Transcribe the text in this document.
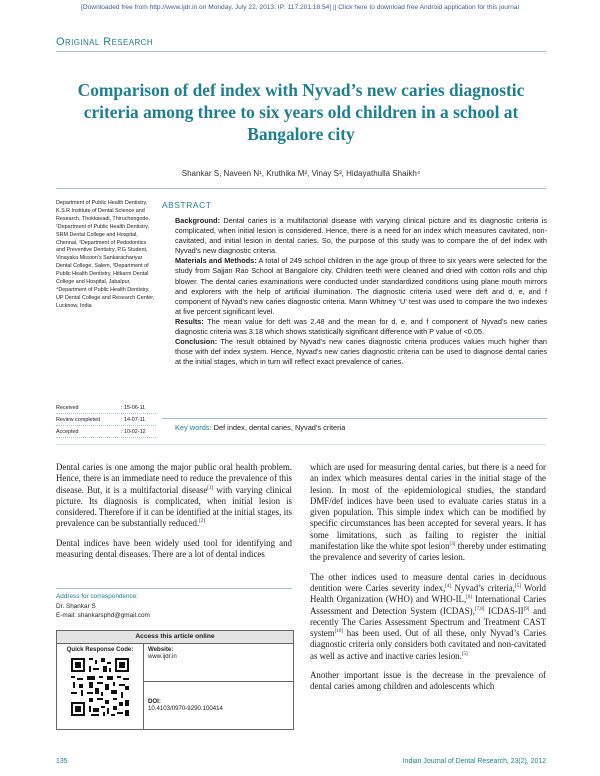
[Downloaded free from http://www.ijdr.in on Monday, July 22, 2013, IP: 117.201.18.54] || Click here to download free Android application for this journal
Original Research
Comparison of def index with Nyvad’s new caries diagnostic criteria among three to six years old children in a school at Bangalore city
Shankar S, Naveen N¹, Kruthika M², Vinay S³, Hidayathulla Shaikh⁴
Department of Public Health Dentistry, K.S.R Institute of Dental Science and Research, Thokkavadi, Thiruchengode, ¹Department of Public Health Dentistry, SRM Dental College and Hospital, Chennai, ²Department of Pedodontics and Preventive Dentistry, P.G Student, Vinayaka Mission’s Sankarachariyar Dental College, Salem, ³Department of Public Health Dentistry, Hitkarni Dental College and Hospital, Jabalpur, ⁴Department of Public Health Dentistry, UP Dental College and Research Center, Lucknow, India
Received	: 15-06-11
Review completed	: 14-07-11
Accepted	: 10-02-12
ABSTRACT

Background: Dental caries is a multifactorial disease with varying clinical picture and its diagnostic criteria is complicated, when initial lesion is considered. Hence, there is a need for an index which measures cavitated, non-cavitated, and initial lesion in dental caries. So, the purpose of this study was to compare the of def index with Nyvad’s new diagnostic criteria.

Materials and Methods: A total of 249 school children in the age group of three to six years were selected for the study from Sajjan Rao School at Bangalore city. Children teeth were cleaned and dried with cotton rolls and chip blower. The dental caries examinations were conducted under standardized conditions using plane mouth mirrors and explorers with the help of artificial illumination. The diagnostic criteria used were deft and d, e, and f component of Nyvad’s new caries diagnostic criteria. Mann Whitney ‘U’ test was used to compare the two indexes at five percent significant level.

Results: The mean value for deft was 2.48 and the mean for d, e, and f component of Nyvad’s new caries diagnostic criteria was 3.18 which shows statistically significant difference with P value of <0.05.

Conclusion: The result obtained by Nyvad’s new caries diagnostic criteria produces values much higher than those with def index system. Hence, Nyvad’s new caries diagnostic criteria can be used to diagnose dental caries at the initial stages, which in turn will reflect exact prevalence of caries.

Key words: Def index, dental caries, Nyvad’s criteria

Dental caries is one among the major public oral health problem. Hence, there is an immediate need to reduce the prevalence of this disease. But, it is a multifactorial disease[1] with varying clinical picture. Its diagnosis is complicated, when initial lesion is considered. Therefore if it can be identified at the initial stages, its prevalence can be substantially reduced.[2]

Dental indices have been widely used tool for identifying and measuring dental diseases. There are a lot of dental indices

Address for correspondence:
Dr. Shankar S
E-mail: shankarsphd@gmail.com
Access this article online
Quick Response Code:	Website:
www.ijdr.in
DOI:
10.4103/0970-9290.100414

which are used for measuring dental caries, but there is a need for an index which measures dental caries in the initial stage of the lesion. In most of the epidemiological studies, the standard DMF/def indices have been used to evaluate caries status in a given population. This simple index which can be modified by specific circumstances has been accepted for several years. It has some limitations, such as failing to register the initial manifestation like the white spot lesion[3] thereby under estimating the prevalence and severity of caries lesion.

The other indices used to measure dental caries in deciduous dentition were Caries severity index,[4] Nyvad’s criteria,[5] World Health Organization (WHO) and WHO-IL,[6] International Caries Assessment and Detection System (ICDAS),[7,8] ICDAS-II[9] and recently The Caries Assessment Spectrum and Treatment CAST system[10] has been used. Out of all these, only Nyvad’s Caries diagnostic criteria only considers both cavitated and non-cavitated as well as active and inactive caries lesion.[5]

Another important issue is the decrease in the prevalence of dental caries among children and adolescents which

135	Indian Journal of Dental Research, 23(2), 2012
